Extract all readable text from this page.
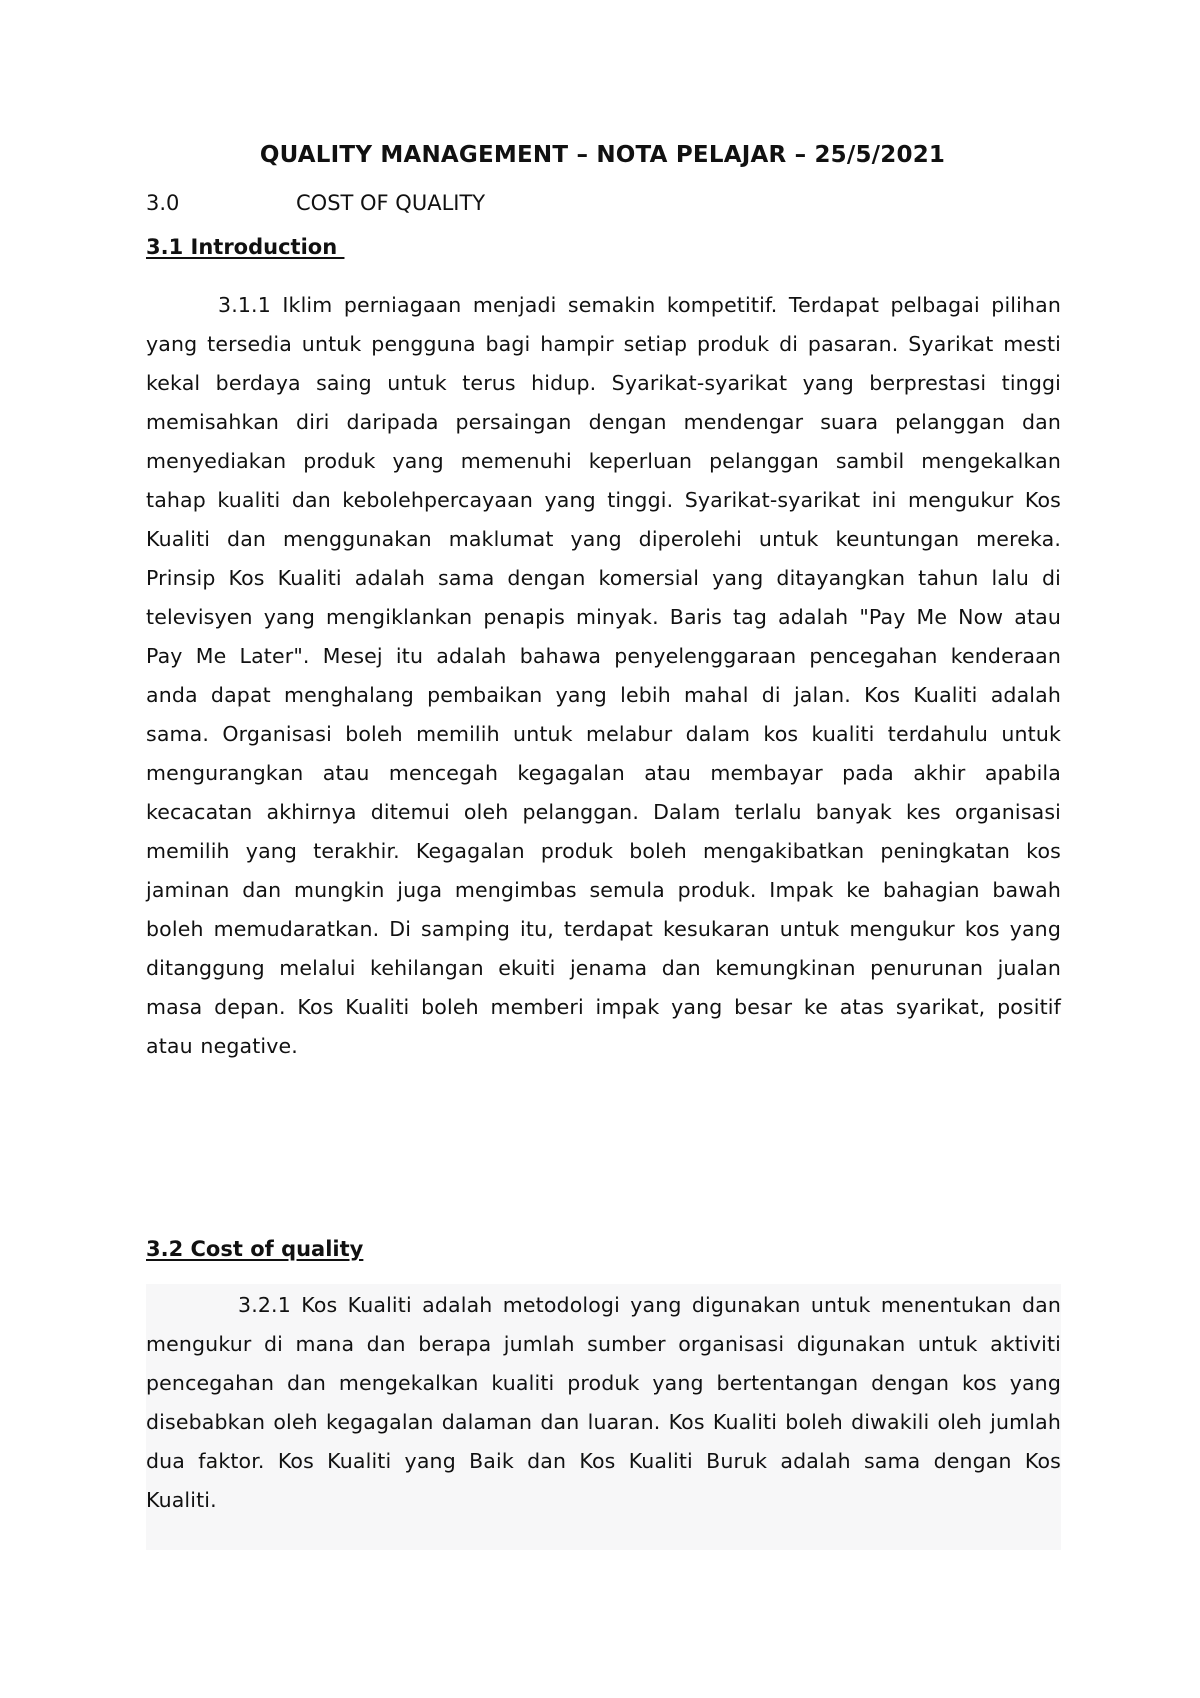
QUALITY MANAGEMENT – NOTA PELAJAR – 25/5/2021
3.0	COST OF QUALITY
3.1 Introduction

3.1.1 Iklim perniagaan menjadi semakin kompetitif. Terdapat pelbagai pilihan yang tersedia untuk pengguna bagi hampir setiap produk di pasaran. Syarikat mesti kekal berdaya saing untuk terus hidup. Syarikat-syarikat yang berprestasi tinggi memisahkan diri daripada persaingan dengan mendengar suara pelanggan dan menyediakan produk yang memenuhi keperluan pelanggan sambil mengekalkan tahap kualiti dan kebolehpercayaan yang tinggi. Syarikat-syarikat ini mengukur Kos Kualiti dan menggunakan maklumat yang diperolehi untuk keuntungan mereka. Prinsip Kos Kualiti adalah sama dengan komersial yang ditayangkan tahun lalu di televisyen yang mengiklankan penapis minyak. Baris tag adalah "Pay Me Now atau Pay Me Later". Mesej itu adalah bahawa penyelenggaraan pencegahan kenderaan anda dapat menghalang pembaikan yang lebih mahal di jalan. Kos Kualiti adalah sama. Organisasi boleh memilih untuk melabur dalam kos kualiti terdahulu untuk mengurangkan atau mencegah kegagalan atau membayar pada akhir apabila kecacatan akhirnya ditemui oleh pelanggan. Dalam terlalu banyak kes organisasi memilih yang terakhir. Kegagalan produk boleh mengakibatkan peningkatan kos jaminan dan mungkin juga mengimbas semula produk. Impak ke bahagian bawah boleh memudaratkan. Di samping itu, terdapat kesukaran untuk mengukur kos yang ditanggung melalui kehilangan ekuiti jenama dan kemungkinan penurunan jualan masa depan. Kos Kualiti boleh memberi impak yang besar ke atas syarikat, positif atau negative.

3.2 Cost of quality

3.2.1 Kos Kualiti adalah metodologi yang digunakan untuk menentukan dan mengukur di mana dan berapa jumlah sumber organisasi digunakan untuk aktiviti pencegahan dan mengekalkan kualiti produk yang bertentangan dengan kos yang disebabkan oleh kegagalan dalaman dan luaran. Kos Kualiti boleh diwakili oleh jumlah dua faktor. Kos Kualiti yang Baik dan Kos Kualiti Buruk adalah sama dengan Kos Kualiti.
